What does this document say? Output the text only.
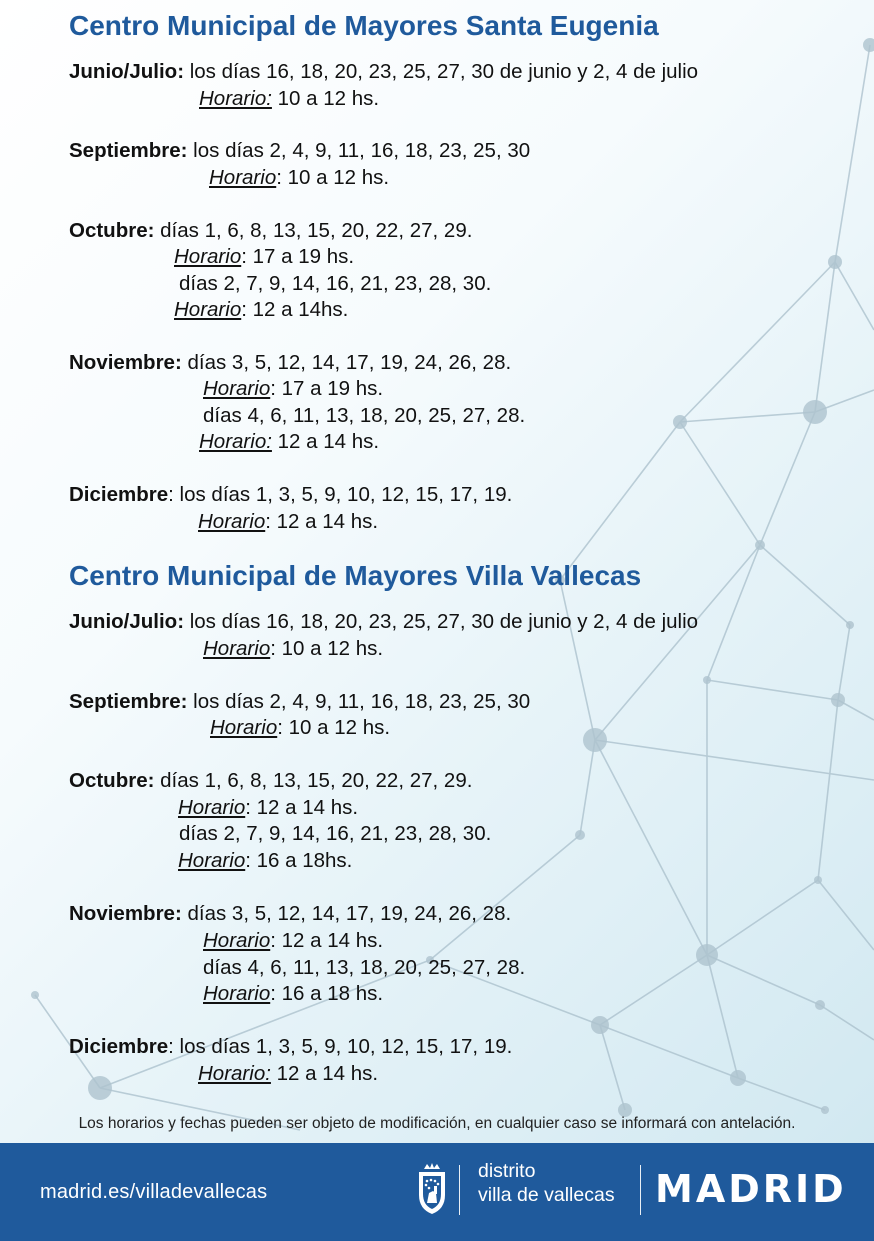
Centro Municipal de Mayores Santa Eugenia
Junio/Julio: los días 16, 18, 20, 23, 25, 27, 30 de junio y 2, 4 de julio
Horario: 10 a 12 hs.
Septiembre: los días 2, 4, 9, 11, 16, 18, 23, 25, 30
Horario: 10 a 12 hs.
Octubre: días 1, 6, 8, 13, 15, 20, 22, 27, 29.
Horario: 17 a 19 hs.
días 2, 7, 9, 14, 16, 21, 23, 28, 30.
Horario: 12 a 14hs.
Noviembre: días 3, 5, 12, 14, 17, 19, 24, 26, 28.
Horario: 17 a 19 hs.
días 4, 6, 11, 13, 18, 20, 25, 27, 28.
Horario: 12 a 14 hs.
Diciembre: los días 1, 3, 5, 9, 10, 12, 15, 17, 19.
Horario: 12 a 14 hs.
Centro Municipal de Mayores Villa Vallecas
Junio/Julio: los días 16, 18, 20, 23, 25, 27, 30 de junio y 2, 4 de julio
Horario: 10 a 12 hs.
Septiembre: los días 2, 4, 9, 11, 16, 18, 23, 25, 30
Horario: 10 a 12 hs.
Octubre: días 1, 6, 8, 13, 15, 20, 22, 27, 29.
Horario: 12 a 14 hs.
días 2, 7, 9, 14, 16, 21, 23, 28, 30.
Horario: 16 a 18hs.
Noviembre: días 3, 5, 12, 14, 17, 19, 24, 26, 28.
Horario: 12 a 14 hs.
días 4, 6, 11, 13, 18, 20, 25, 27, 28.
Horario: 16 a 18 hs.
Diciembre: los días 1, 3, 5, 9, 10, 12, 15, 17, 19.
Horario: 12 a 14 hs.
Los horarios y fechas pueden ser objeto de modificación, en cualquier caso se informará con antelación.
madrid.es/villadevallecas
distrito
villa de vallecas MADRID
